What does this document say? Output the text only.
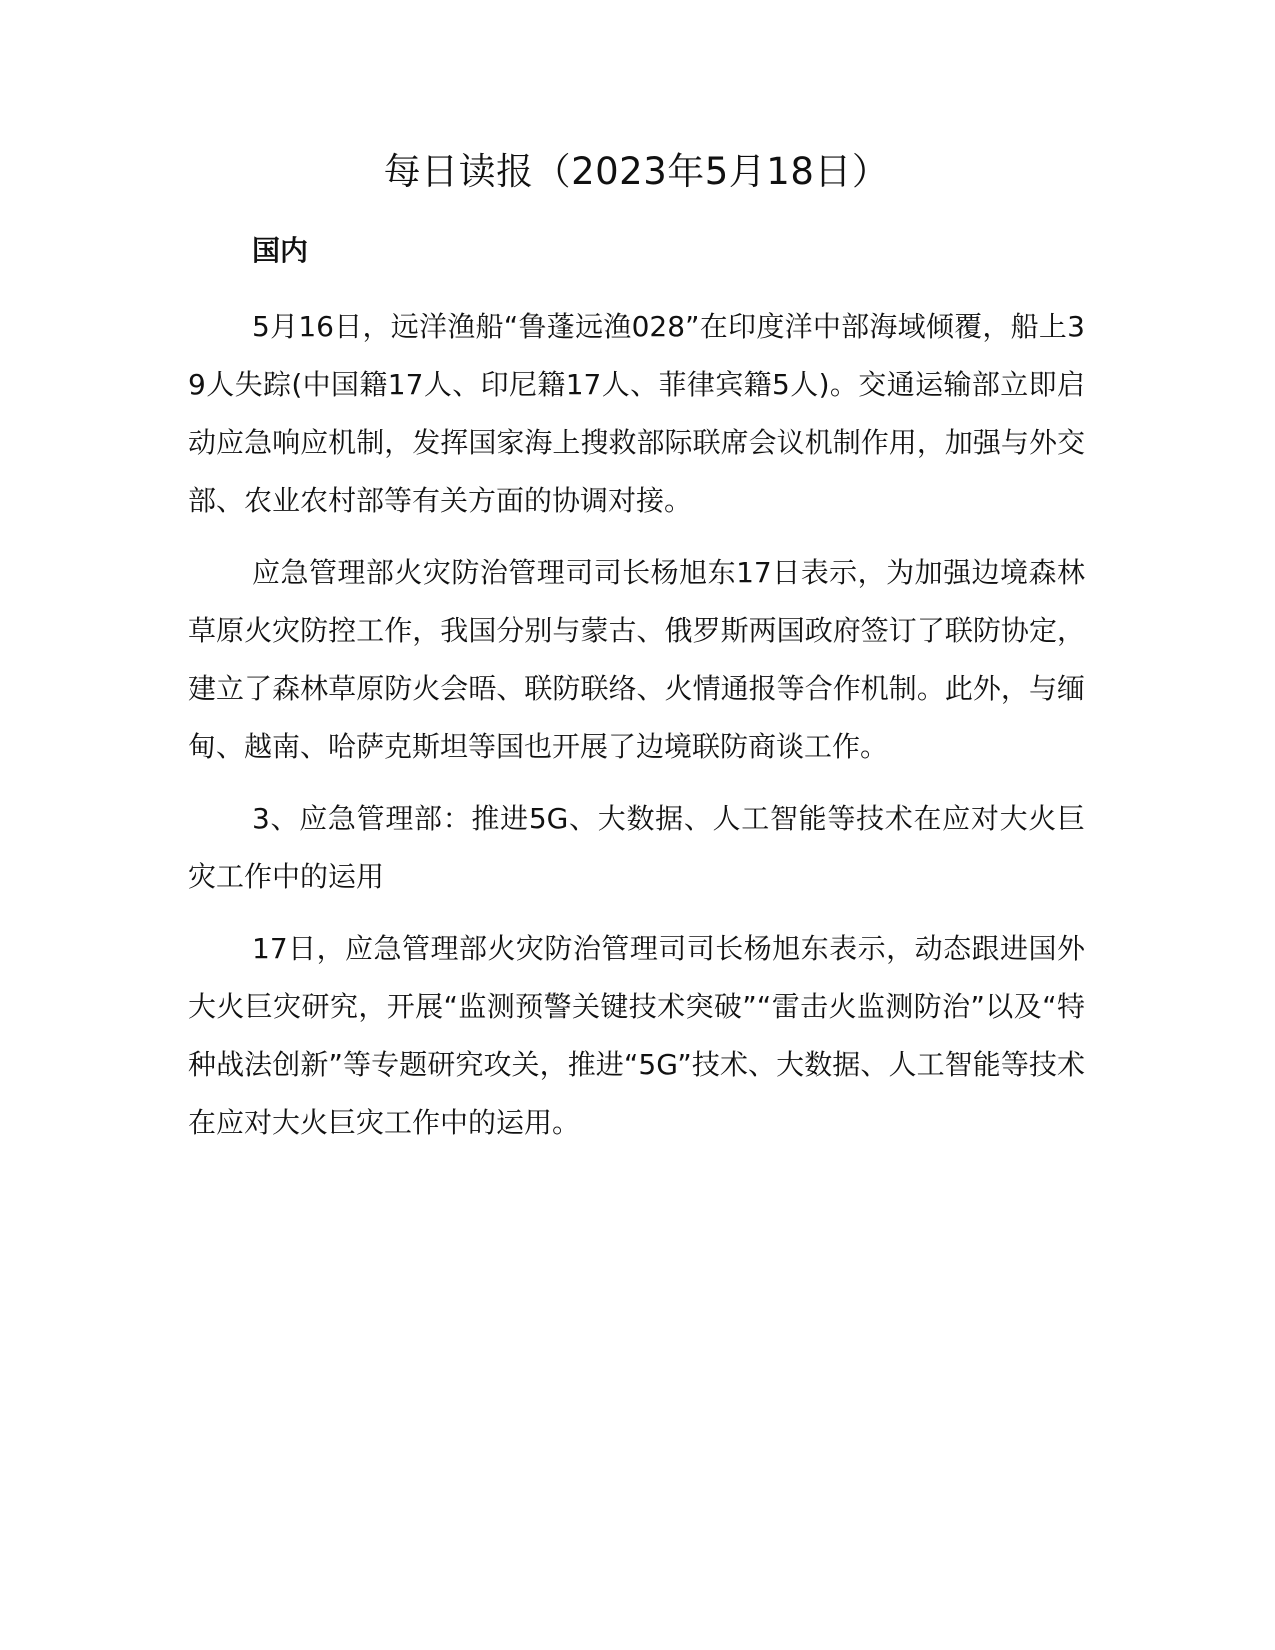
每日读报（2023年5月18日）

国内

5月16日，远洋渔船“鲁蓬远渔028”在印度洋中部海域倾覆，船上39人失踪(中国籍17人、印尼籍17人、菲律宾籍5人)。交通运输部立即启动应急响应机制，发挥国家海上搜救部际联席会议机制作用，加强与外交部、农业农村部等有关方面的协调对接。

应急管理部火灾防治管理司司长杨旭东17日表示，为加强边境森林草原火灾防控工作，我国分别与蒙古、俄罗斯两国政府签订了联防协定，建立了森林草原防火会晤、联防联络、火情通报等合作机制。此外，与缅甸、越南、哈萨克斯坦等国也开展了边境联防商谈工作。

3、应急管理部：推进5G、大数据、人工智能等技术在应对大火巨灾工作中的运用

17日，应急管理部火灾防治管理司司长杨旭东表示，动态跟进国外大火巨灾研究，开展“监测预警关键技术突破”“雷击火监测防治”以及“特种战法创新”等专题研究攻关，推进“5G”技术、大数据、人工智能等技术在应对大火巨灾工作中的运用。
